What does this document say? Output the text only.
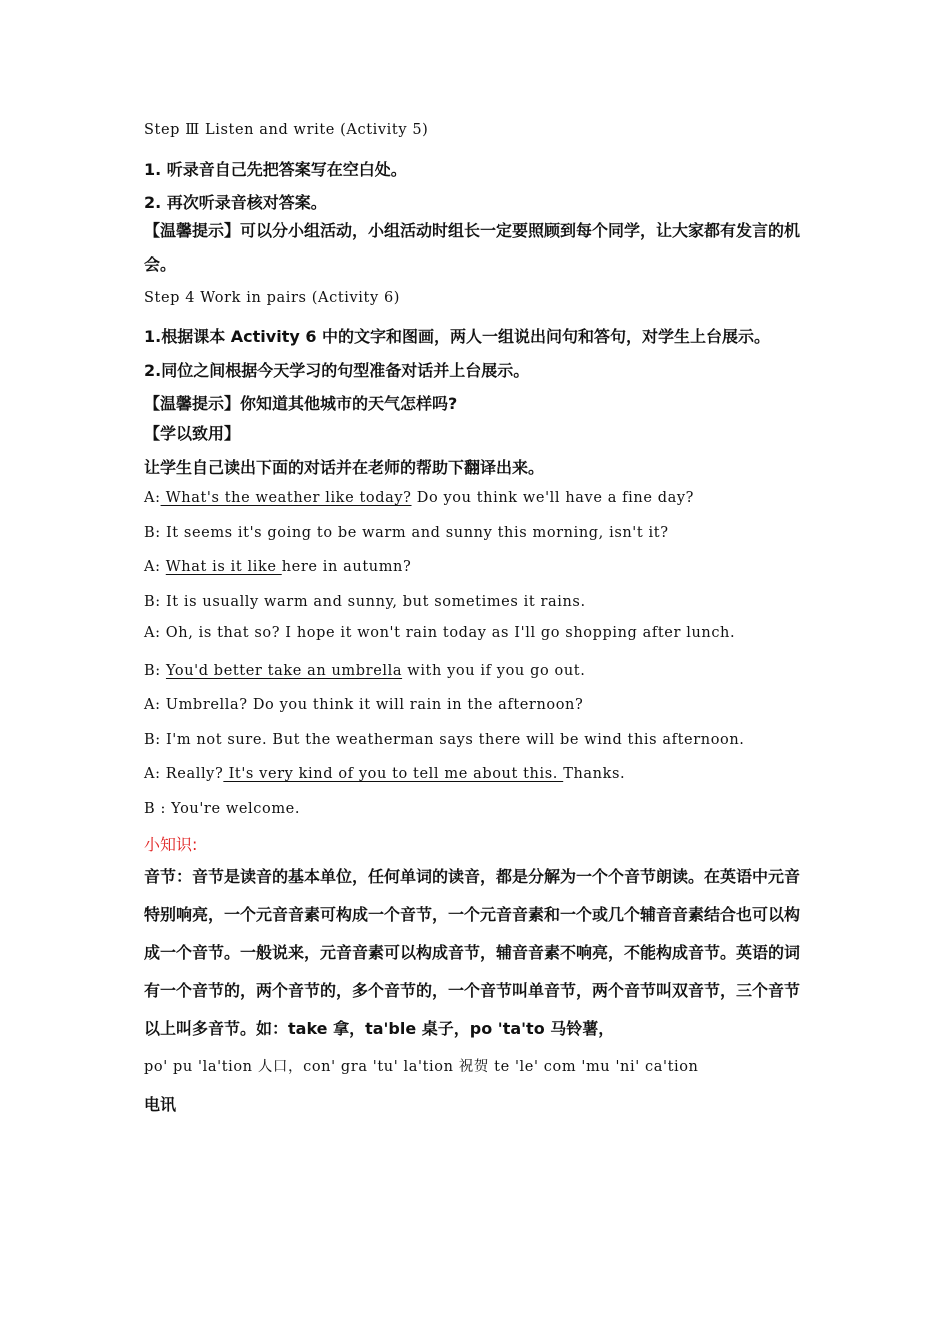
Step Ⅲ Listen and write (Activity 5)
1. 听录音自己先把答案写在空白处。
2. 再次听录音核对答案。
【温馨提示】可以分小组活动，小组活动时组长一定要照顾到每个同学，让大家都有发言的机会。
Step 4 Work in pairs (Activity 6)
1.根据课本 Activity 6 中的文字和图画，两人一组说出问句和答句，对学生上台展示。
2.同位之间根据今天学习的句型准备对话并上台展示。
【温馨提示】你知道其他城市的天气怎样吗?
【学以致用】
让学生自己读出下面的对话并在老师的帮助下翻译出来。
A: What's the weather like today? Do you think we'll have a fine day?
B: It seems it's going to be warm and sunny this morning, isn't it?
A: What is it like here in autumn?
B: It is usually warm and sunny, but sometimes it rains.
A: Oh, is that so? I hope it won't rain today as I'll go shopping after lunch.
B: You'd better take an umbrella with you if you go out.
A: Umbrella? Do you think it will rain in the afternoon?
B: I'm not sure. But the weatherman says there will be wind this afternoon.
A: Really? It's very kind of you to tell me about this. Thanks.
B : You're welcome.
小知识:
音节：音节是读音的基本单位，任何单词的读音，都是分解为一个个音节朗读。在英语中元音特别响亮，一个元音音素可构成一个音节，一个元音音素和一个或几个辅音音素结合也可以构成一个音节。一般说来，元音音素可以构成音节，辅音音素不响亮，不能构成音节。英语的词有一个音节的，两个音节的，多个音节的，一个音节叫单音节，两个音节叫双音节，三个音节以上叫多音节。如：take 拿，ta'ble 桌子，po 'ta'to 马铃薯，
po' pu 'la'tion 人口，con' gra 'tu' la'tion 祝贺 te 'le' com 'mu 'ni' ca'tion
电讯
